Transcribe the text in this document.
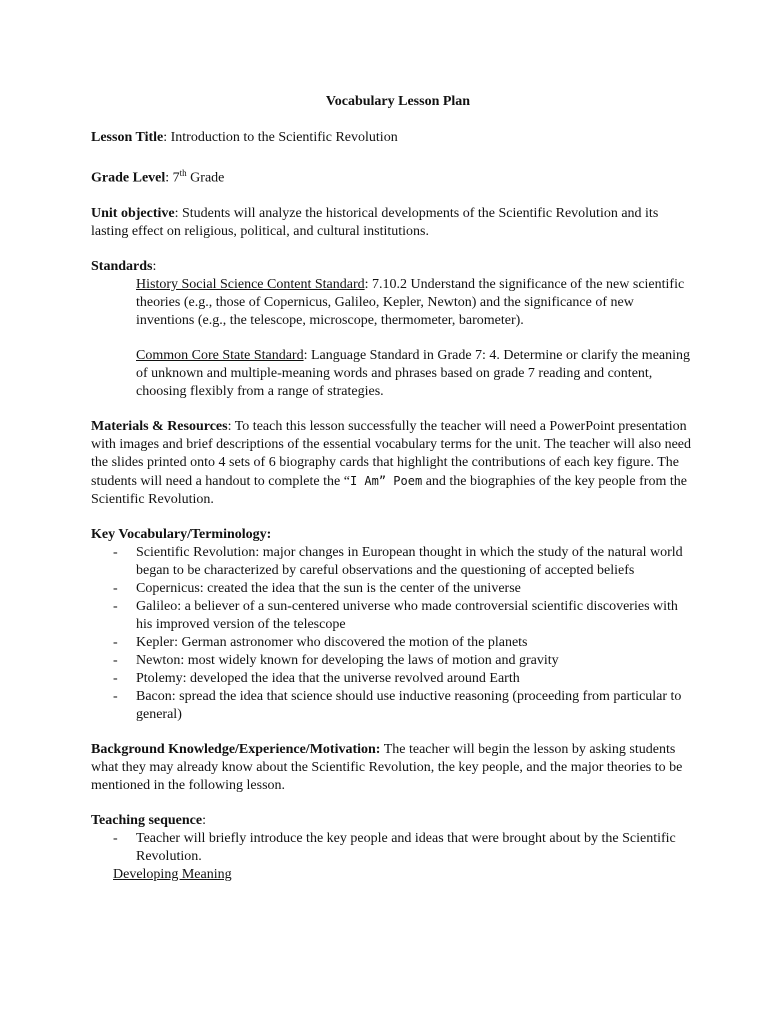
Vocabulary Lesson Plan

Lesson Title: Introduction to the Scientific Revolution

Grade Level: 7th Grade

Unit objective: Students will analyze the historical developments of the Scientific Revolution and its lasting effect on religious, political, and cultural institutions.

Standards:

History Social Science Content Standard: 7.10.2 Understand the significance of the new scientific theories (e.g., those of Copernicus, Galileo, Kepler, Newton) and the significance of new inventions (e.g., the telescope, microscope, thermometer, barometer).

Common Core State Standard: Language Standard in Grade 7: 4. Determine or clarify the meaning of unknown and multiple-meaning words and phrases based on grade 7 reading and content, choosing flexibly from a range of strategies.

Materials & Resources: To teach this lesson successfully the teacher will need a PowerPoint presentation with images and brief descriptions of the essential vocabulary terms for the unit. The teacher will also need the slides printed onto 4 sets of 6 biography cards that highlight the contributions of each key figure. The students will need a handout to complete the “I Am” Poem and the biographies of the key people from the Scientific Revolution.

Key Vocabulary/Terminology:

- Scientific Revolution: major changes in European thought in which the study of the natural world began to be characterized by careful observations and the questioning of accepted beliefs
- Copernicus: created the idea that the sun is the center of the universe
- Galileo: a believer of a sun-centered universe who made controversial scientific discoveries with his improved version of the telescope
- Kepler: German astronomer who discovered the motion of the planets
- Newton: most widely known for developing the laws of motion and gravity
- Ptolemy: developed the idea that the universe revolved around Earth
- Bacon: spread the idea that science should use inductive reasoning (proceeding from particular to general)

Background Knowledge/Experience/Motivation: The teacher will begin the lesson by asking students what they may already know about the Scientific Revolution, the key people, and the major theories to be mentioned in the following lesson.

Teaching sequence:

- Teacher will briefly introduce the key people and ideas that were brought about by the Scientific Revolution.

Developing Meaning
